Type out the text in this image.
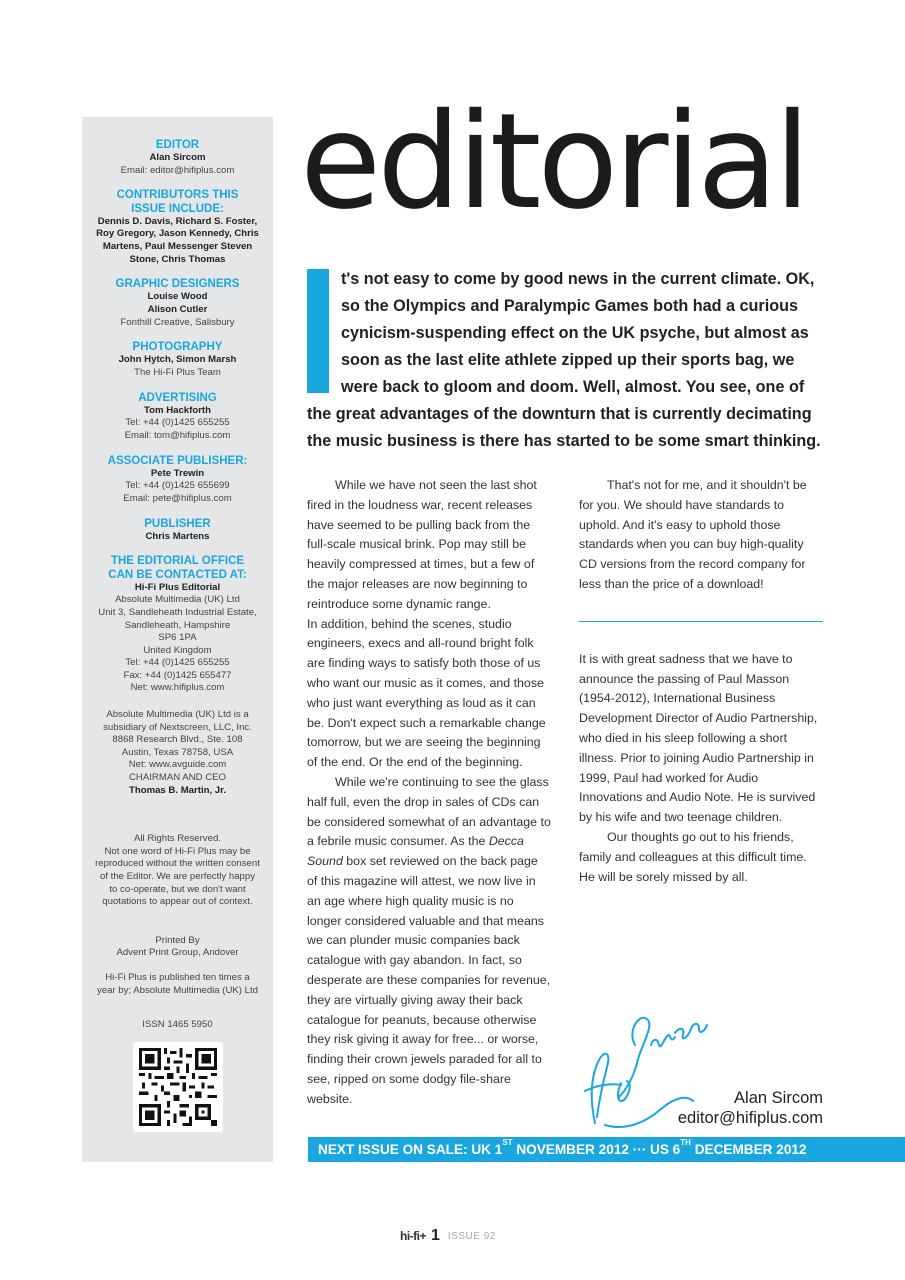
EDITOR
Alan Sircom
Email: editor@hifiplus.com
CONTRIBUTORS THIS ISSUE INCLUDE:
Dennis D. Davis, Richard S. Foster, Roy Gregory, Jason Kennedy, Chris Martens, Paul Messenger Steven Stone, Chris Thomas
GRAPHIC DESIGNERS
Louise Wood
Alison Cutler
Fonthill Creative, Salisbury
PHOTOGRAPHY
John Hytch, Simon Marsh
The Hi-Fi Plus Team
ADVERTISING
Tom Hackforth
Tel: +44 (0)1425 655255
Email: tom@hifiplus.com
ASSOCIATE PUBLISHER:
Pete Trewin
Tel: +44 (0)1425 655699
Email: pete@hifiplus.com
PUBLISHER
Chris Martens
THE EDITORIAL OFFICE CAN BE CONTACTED AT:
Hi-Fi Plus Editorial
Absolute Multimedia (UK) Ltd
Unit 3, Sandleheath Industrial Estate,
Sandleheath, Hampshire
SP6 1PA
United Kingdom
Tel: +44 (0)1425 655255
Fax: +44 (0)1425 655477
Net: www.hifiplus.com
Absolute Multimedia (UK) Ltd is a
subsidiary of Nextscreen, LLC, Inc.
8868 Research Blvd., Ste. 108
Austin, Texas 78758, USA
Net: www.avguide.com
CHAIRMAN AND CEO
Thomas B. Martin, Jr.
All Rights Reserved.
Not one word of Hi-Fi Plus may be
reproduced without the written consent
of the Editor. We are perfectly happy
to co-operate, but we don't want
quotations to appear out of context.
Printed By
Advent Print Group, Andover
Hi-Fi Plus is published ten times a
year by; Absolute Multimedia (UK) Ltd
ISSN 1465 5950
editorial
t's not easy to come by good news in the current climate. OK, so the Olympics and Paralympic Games both had a curious cynicism-suspending effect on the UK psyche, but almost as soon as the last elite athlete zipped up their sports bag, we were back to gloom and doom. Well, almost. You see, one of the great advantages of the downturn that is currently decimating the music business is there has started to be some smart thinking.

While we have not seen the last shot fired in the loudness war, recent releases have seemed to be pulling back from the full-scale musical brink. Pop may still be heavily compressed at times, but a few of the major releases are now beginning to reintroduce some dynamic range.

In addition, behind the scenes, studio engineers, execs and all-round bright folk are finding ways to satisfy both those of us who want our music as it comes, and those who just want everything as loud as it can be. Don't expect such a remarkable change tomorrow, but we are seeing the beginning of the end. Or the end of the beginning.

While we're continuing to see the glass half full, even the drop in sales of CDs can be considered somewhat of an advantage to a febrile music consumer. As the Decca Sound box set reviewed on the back page of this magazine will attest, we now live in an age where high quality music is no longer considered valuable and that means we can plunder music companies back catalogue with gay abandon. In fact, so desperate are these companies for revenue, they are virtually giving away their back catalogue for peanuts, because otherwise they risk giving it away for free... or worse, finding their crown jewels paraded for all to see, ripped on some dodgy file-share website.

That's not for me, and it shouldn't be for you. We should have standards to uphold. And it's easy to uphold those standards when you can buy high-quality CD versions from the record company for less than the price of a download!

It is with great sadness that we have to announce the passing of Paul Masson (1954-2012), International Business Development Director of Audio Partnership, who died in his sleep following a short illness. Prior to joining Audio Partnership in 1999, Paul had worked for Audio Innovations and Audio Note. He is survived by his wife and two teenage children.

Our thoughts go out to his friends, family and colleagues at this difficult time. He will be sorely missed by all.

Alan Sircom
editor@hifiplus.com
NEXT ISSUE ON SALE: UK 1ST NOVEMBER 2012 ··· US 6TH DECEMBER 2012
hi-fi+ 1 ISSUE 92
